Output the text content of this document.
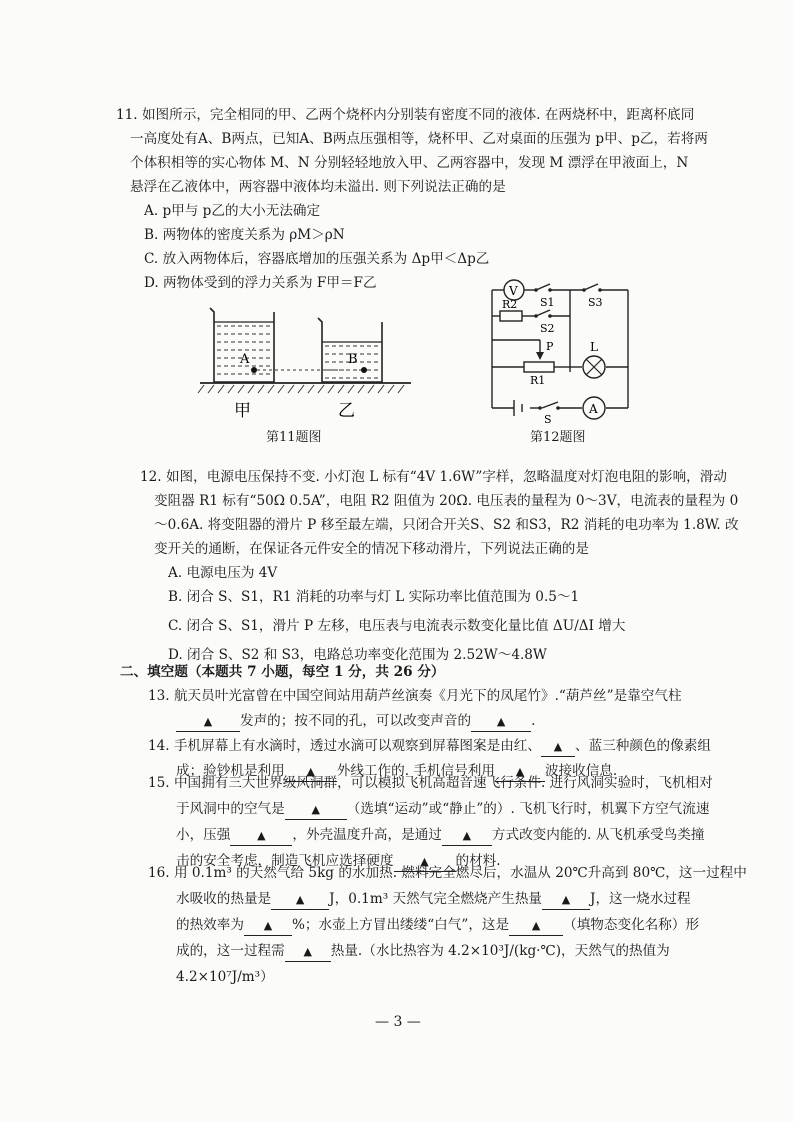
11. 如图所示，完全相同的甲、乙两个烧杯内分别装有密度不同的液体. 在两烧杯中，距离杯底同
一高度处有A、B两点，已知A、B两点压强相等，烧杯甲、乙对桌面的压强为 p甲、p乙，若将两
个体积相等的实心物体 M、N 分别轻轻地放入甲、乙两容器中，发现 M 漂浮在甲液面上，N
悬浮在乙液体中，两容器中液体均未溢出. 则下列说法正确的是
A. p甲与 p乙的大小无法确定
B. 两物体的密度关系为 ρM＞ρN
C. 放入两物体后，容器底增加的压强关系为 Δp甲＜Δp乙
D. 两物体受到的浮力关系为 F甲＝F乙
A	B
甲	乙
第11题图
V
L
A
S1	S3
R2
S2
P
R1
S
第12题图
12. 如图，电源电压保持不变. 小灯泡 L 标有“4V 1.6W”字样，忽略温度对灯泡电阻的影响，滑动
变阻器 R1 标有“50Ω 0.5A”，电阻 R2 阻值为 20Ω. 电压表的量程为 0～3V，电流表的量程为 0
～0.6A. 将变阻器的滑片 P 移至最左端，只闭合开关S、S2 和S3，R2 消耗的电功率为 1.8W. 改
变开关的通断，在保证各元件安全的情况下移动滑片，下列说法正确的是
A. 电源电压为 4V
B. 闭合 S、S1，R1 消耗的功率与灯 L 实际功率比值范围为 0.5～1
C. 闭合 S、S1，滑片 P 左移，电压表与电流表示数变化量比值 ΔU/ΔI 增大
D. 闭合 S、S2 和 S3，电路总功率变化范围为 2.52W～4.8W
二、填空题（本题共 7 小题，每空 1 分，共 26 分）
13. 航天员叶光富曾在中国空间站用葫芦丝演奏《月光下的凤尾竹》.“葫芦丝”是靠空气柱
▲ 发声的；按不同的孔，可以改变声音的 ▲ .
14. 手机屏幕上有水滴时，透过水滴可以观察到屏幕图案是由红、 ▲ 、蓝三种颜色的像素组
成；验钞机是利用 ▲ 外线工作的. 手机信号利用 ▲ 波接收信息.
15. 中国拥有三大世界级风洞群，可以模拟飞机高超音速飞行条件. 进行风洞实验时，飞机相对
于风洞中的空气是 ▲ （选填“运动”或“静止”的）. 飞机飞行时，机翼下方空气流速
小，压强 ▲ ，外壳温度升高，是通过 ▲ 方式改变内能的. 从飞机承受鸟类撞
击的安全考虑，制造飞机应选择硬度 ▲ 的材料.
16. 用 0.1m³ 的天然气给 5kg 的水加热. 燃料完全燃尽后，水温从 20℃升高到 80℃，这一过程中
水吸收的热量是 ▲ J，0.1m³ 天然气完全燃烧产生热量 ▲ J，这一烧水过程
的热效率为 ▲ %；水壶上方冒出缕缕“白气”，这是 ▲ （填物态变化名称）形
成的，这一过程需 ▲ 热量.（水比热容为 4.2×10³J/(kg·℃)，天然气的热值为
4.2×10⁷J/m³）
— 3 —
